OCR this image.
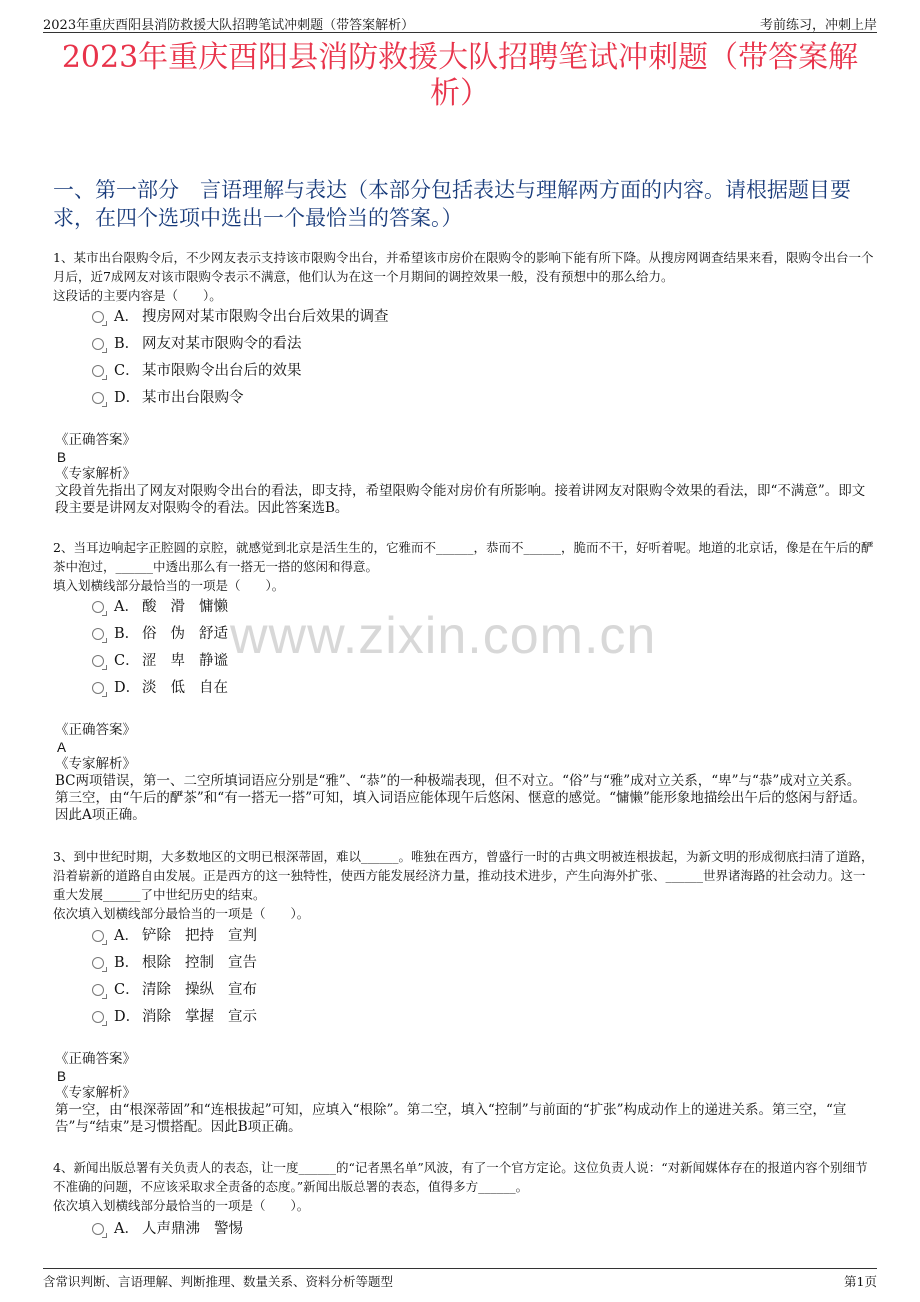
2023年重庆酉阳县消防救援大队招聘笔试冲刺题（带答案解析）	考前练习，冲刺上岸
2023年重庆酉阳县消防救援大队招聘笔试冲刺题（带答案解析）
一、第一部分　言语理解与表达（本部分包括表达与理解两方面的内容。请根据题目要求，在四个选项中选出一个最恰当的答案。）
www.zixin.com.cn

1、某市出台限购令后，不少网友表示支持该市限购令出台，并希望该市房价在限购令的影响下能有所下降。从搜房网调查结果来看，限购令出台一个月后，近7成网友对该市限购令表示不满意，他们认为在这一个月期间的调控效果一般，没有预想中的那么给力。

这段话的主要内容是（　　）。

A． 搜房网对某市限购令出台后效果的调查
B． 网友对某市限购令的看法
C． 某市限购令出台后的效果
D． 某市出台限购令

《正确答案》

B

《专家解析》

文段首先指出了网友对限购令出台的看法，即支持，希望限购令能对房价有所影响。接着讲网友对限购令效果的看法，即“不满意”。即文段主要是讲网友对限购令的看法。因此答案选B。

2、当耳边响起字正腔圆的京腔，就感觉到北京是活生生的，它雅而不______，恭而不______，脆而不干，好听着呢。地道的北京话，像是在午后的酽茶中泡过，______中透出那么有一搭无一搭的悠闲和得意。

填入划横线部分最恰当的一项是（　　）。

A． 酸 滑 慵懒
B． 俗 伪 舒适
C． 涩 卑 静谧
D． 淡 低 自在

《正确答案》

A

《专家解析》

BC两项错误，第一、二空所填词语应分别是“雅”、“恭”的一种极端表现，但不对立。“俗”与“雅”成对立关系，“卑”与“恭”成对立关系。第三空，由“午后的酽茶”和“有一搭无一搭”可知，填入词语应能体现午后悠闲、惬意的感觉。“慵懒”能形象地描绘出午后的悠闲与舒适。因此A项正确。

3、到中世纪时期，大多数地区的文明已根深蒂固，难以______。唯独在西方，曾盛行一时的古典文明被连根拔起，为新文明的形成彻底扫清了道路，沿着崭新的道路自由发展。正是西方的这一独特性，使西方能发展经济力量，推动技术进步，产生向海外扩张、______世界诸海路的社会动力。这一重大发展______了中世纪历史的结束。

依次填入划横线部分最恰当的一项是（　　）。

A． 铲除 把持 宣判
B． 根除 控制 宣告
C． 清除 操纵 宣布
D． 消除 掌握 宣示

《正确答案》

B

《专家解析》

第一空，由“根深蒂固”和“连根拔起”可知，应填入“根除”。第二空，填入“控制”与前面的“扩张”构成动作上的递进关系。第三空，“宣告”与“结束”是习惯搭配。因此B项正确。

4、新闻出版总署有关负责人的表态，让一度______的“记者黑名单”风波，有了一个官方定论。这位负责人说：“对新闻媒体存在的报道内容个别细节不准确的问题，不应该采取求全责备的态度。”新闻出版总署的表态，值得多方______。

依次填入划横线部分最恰当的一项是（　　）。

A． 人声鼎沸 警惕
含常识判断、言语理解、判断推理、数量关系、资料分析等题型	第1页
